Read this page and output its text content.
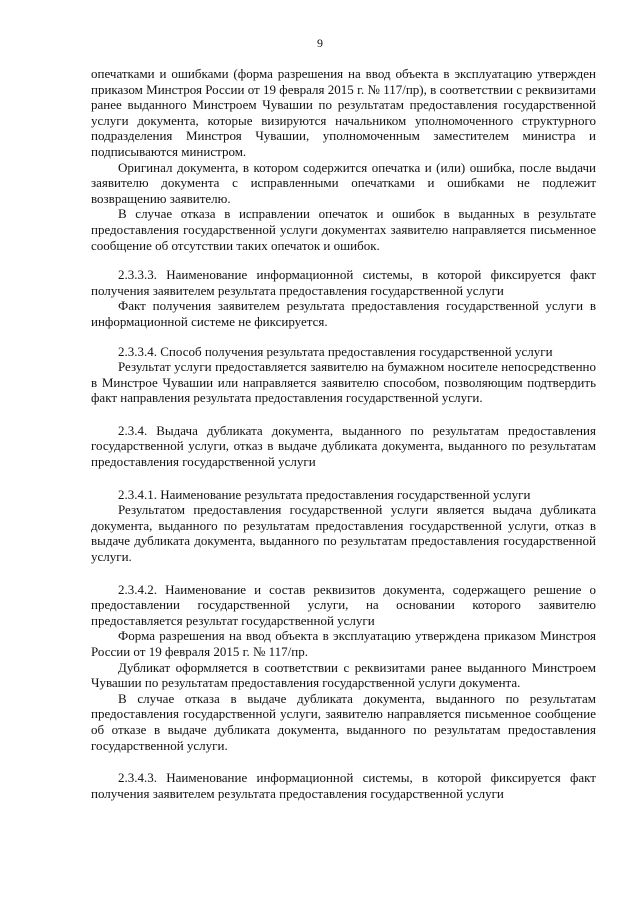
9

опечатками и ошибками (форма разрешения на ввод объекта в эксплуатацию утвержден приказом Минстроя России от 19 февраля 2015 г. № 117/пр), в соответствии с реквизитами ранее выданного Минстроем Чувашии по результатам предоставления государственной услуги документа, которые визируются начальником уполномоченного структурного подразделения Минстроя Чувашии, уполномоченным заместителем министра и подписываются министром.

Оригинал документа, в котором содержится опечатка и (или) ошибка, после выдачи заявителю документа с исправленными опечатками и ошибками не подлежит возвращению заявителю.

В случае отказа в исправлении опечаток и ошибок в выданных в результате предоставления государственной услуги документах заявителю направляется письменное сообщение об отсутствии таких опечаток и ошибок.

2.3.3.3. Наименование информационной системы, в которой фиксируется факт получения заявителем результата предоставления государственной услуги

Факт получения заявителем результата предоставления государственной услуги в информационной системе не фиксируется.

2.3.3.4. Способ получения результата предоставления государственной услуги

Результат услуги предоставляется заявителю на бумажном носителе непосредственно в Минстрое Чувашии или направляется заявителю способом, позволяющим подтвердить факт направления результата предоставления государственной услуги.

2.3.4. Выдача дубликата документа, выданного по результатам предоставления государственной услуги, отказ в выдаче дубликата документа, выданного по результатам предоставления государственной услуги

2.3.4.1. Наименование результата предоставления государственной услуги

Результатом предоставления государственной услуги является выдача дубликата документа, выданного по результатам предоставления государственной услуги, отказ в выдаче дубликата документа, выданного по результатам предоставления государственной услуги.

2.3.4.2. Наименование и состав реквизитов документа, содержащего решение о предоставлении государственной услуги, на основании которого заявителю предоставляется результат государственной услуги

Форма разрешения на ввод объекта в эксплуатацию утверждена приказом Минстроя России от 19 февраля 2015 г. № 117/пр.

Дубликат оформляется в соответствии с реквизитами ранее выданного Минстроем Чувашии по результатам предоставления государственной услуги документа.

В случае отказа в выдаче дубликата документа, выданного по результатам предоставления государственной услуги, заявителю направляется письменное сообщение об отказе в выдаче дубликата документа, выданного по результатам предоставления государственной услуги.

2.3.4.3. Наименование информационной системы, в которой фиксируется факт получения заявителем результата предоставления государственной услуги
